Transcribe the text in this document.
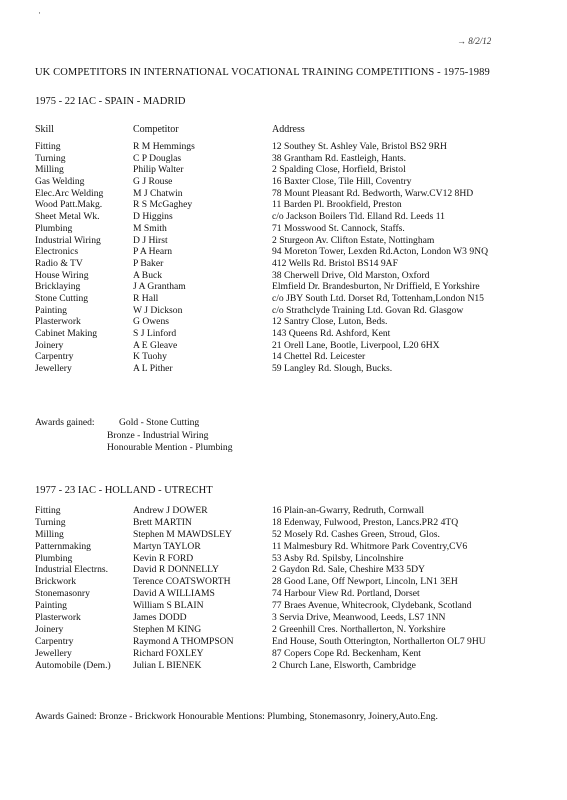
·
→ 8/2/12
UK COMPETITORS IN INTERNATIONAL VOCATIONAL TRAINING COMPETITIONS - 1975-1989
1975 - 22 IAC - SPAIN - MADRID
Skill	Competitor	Address
Fitting	R M Hemmings	12 Southey St. Ashley Vale, Bristol BS2 9RH
Turning	C P Douglas	38 Grantham Rd. Eastleigh, Hants.
Milling	Philip Walter	2 Spalding Close, Horfield, Bristol
Gas Welding	G J Rouse	16 Baxter Close, Tile Hill, Coventry
Elec.Arc Welding	M J Chatwin	78 Mount Pleasant Rd. Bedworth, Warw.CV12 8HD
Wood Patt.Makg.	R S McGaghey	11 Barden Pl. Brookfield, Preston
Sheet Metal Wk.	D Higgins	c/o Jackson Boilers Tld. Elland Rd. Leeds 11
Plumbing	M Smith	71 Mosswood St. Cannock, Staffs.
Industrial Wiring	D J Hirst	2 Sturgeon Av. Clifton Estate, Nottingham
Electronics	P A Hearn	94 Moreton Tower, Lexden Rd.Acton, London W3 9NQ
Radio & TV	P Baker	412 Wells Rd. Bristol BS14 9AF
House Wiring	A Buck	38 Cherwell Drive, Old Marston, Oxford
Bricklaying	J A Grantham	Elmfield Dr. Brandesburton, Nr Driffield, E Yorkshire
Stone Cutting	R Hall	c/o JBY South Ltd. Dorset Rd, Tottenham,London N15
Painting	W J Dickson	c/o Strathclyde Training Ltd. Govan Rd. Glasgow
Plasterwork	G Owens	12 Santry Close, Luton, Beds.
Cabinet Making	S J Linford	143 Queens Rd. Ashford, Kent
Joinery	A E Gleave	21 Orell Lane, Bootle, Liverpool, L20 6HX
Carpentry	K Tuohy	14 Chettel Rd. Leicester
Jewellery	A L Pither	59 Langley Rd. Slough, Bucks.
Awards gained:	Gold - Stone Cutting
Bronze - Industrial Wiring
Honourable Mention - Plumbing
1977 - 23 IAC - HOLLAND - UTRECHT
Fitting	Andrew J DOWER	16 Plain-an-Gwarry, Redruth, Cornwall
Turning	Brett MARTIN	18 Edenway, Fulwood, Preston, Lancs.PR2 4TQ
Milling	Stephen M MAWDSLEY	52 Mosely Rd. Cashes Green, Stroud, Glos.
Patternmaking	Martyn TAYLOR	11 Malmesbury Rd. Whitmore Park Coventry,CV6
Plumbing	Kevin R FORD	53 Asby Rd. Spilsby, Lincolnshire
Industrial Electrns.	David R DONNELLY	2 Gaydon Rd. Sale, Cheshire M33 5DY
Brickwork	Terence COATSWORTH	28 Good Lane, Off Newport, Lincoln, LN1 3EH
Stonemasonry	David A WILLIAMS	74 Harbour View Rd. Portland, Dorset
Painting	William S BLAIN	77 Braes Avenue, Whitecrook, Clydebank, Scotland
Plasterwork	James DODD	3 Servia Drive, Meanwood, Leeds, LS7 1NN
Joinery	Stephen M KING	2 Greenhill Cres. Northallerton, N. Yorkshire
Carpentry	Raymond A THOMPSON	End House, South Otterington, Northallerton OL7 9HU
Jewellery	Richard FOXLEY	87 Copers Cope Rd. Beckenham, Kent
Automobile (Dem.) Julian L BIENEK	2 Church Lane, Elsworth, Cambridge
Awards Gained: Bronze - Brickwork Honourable Mentions: Plumbing, Stonemasonry, Joinery,Auto.Eng.
